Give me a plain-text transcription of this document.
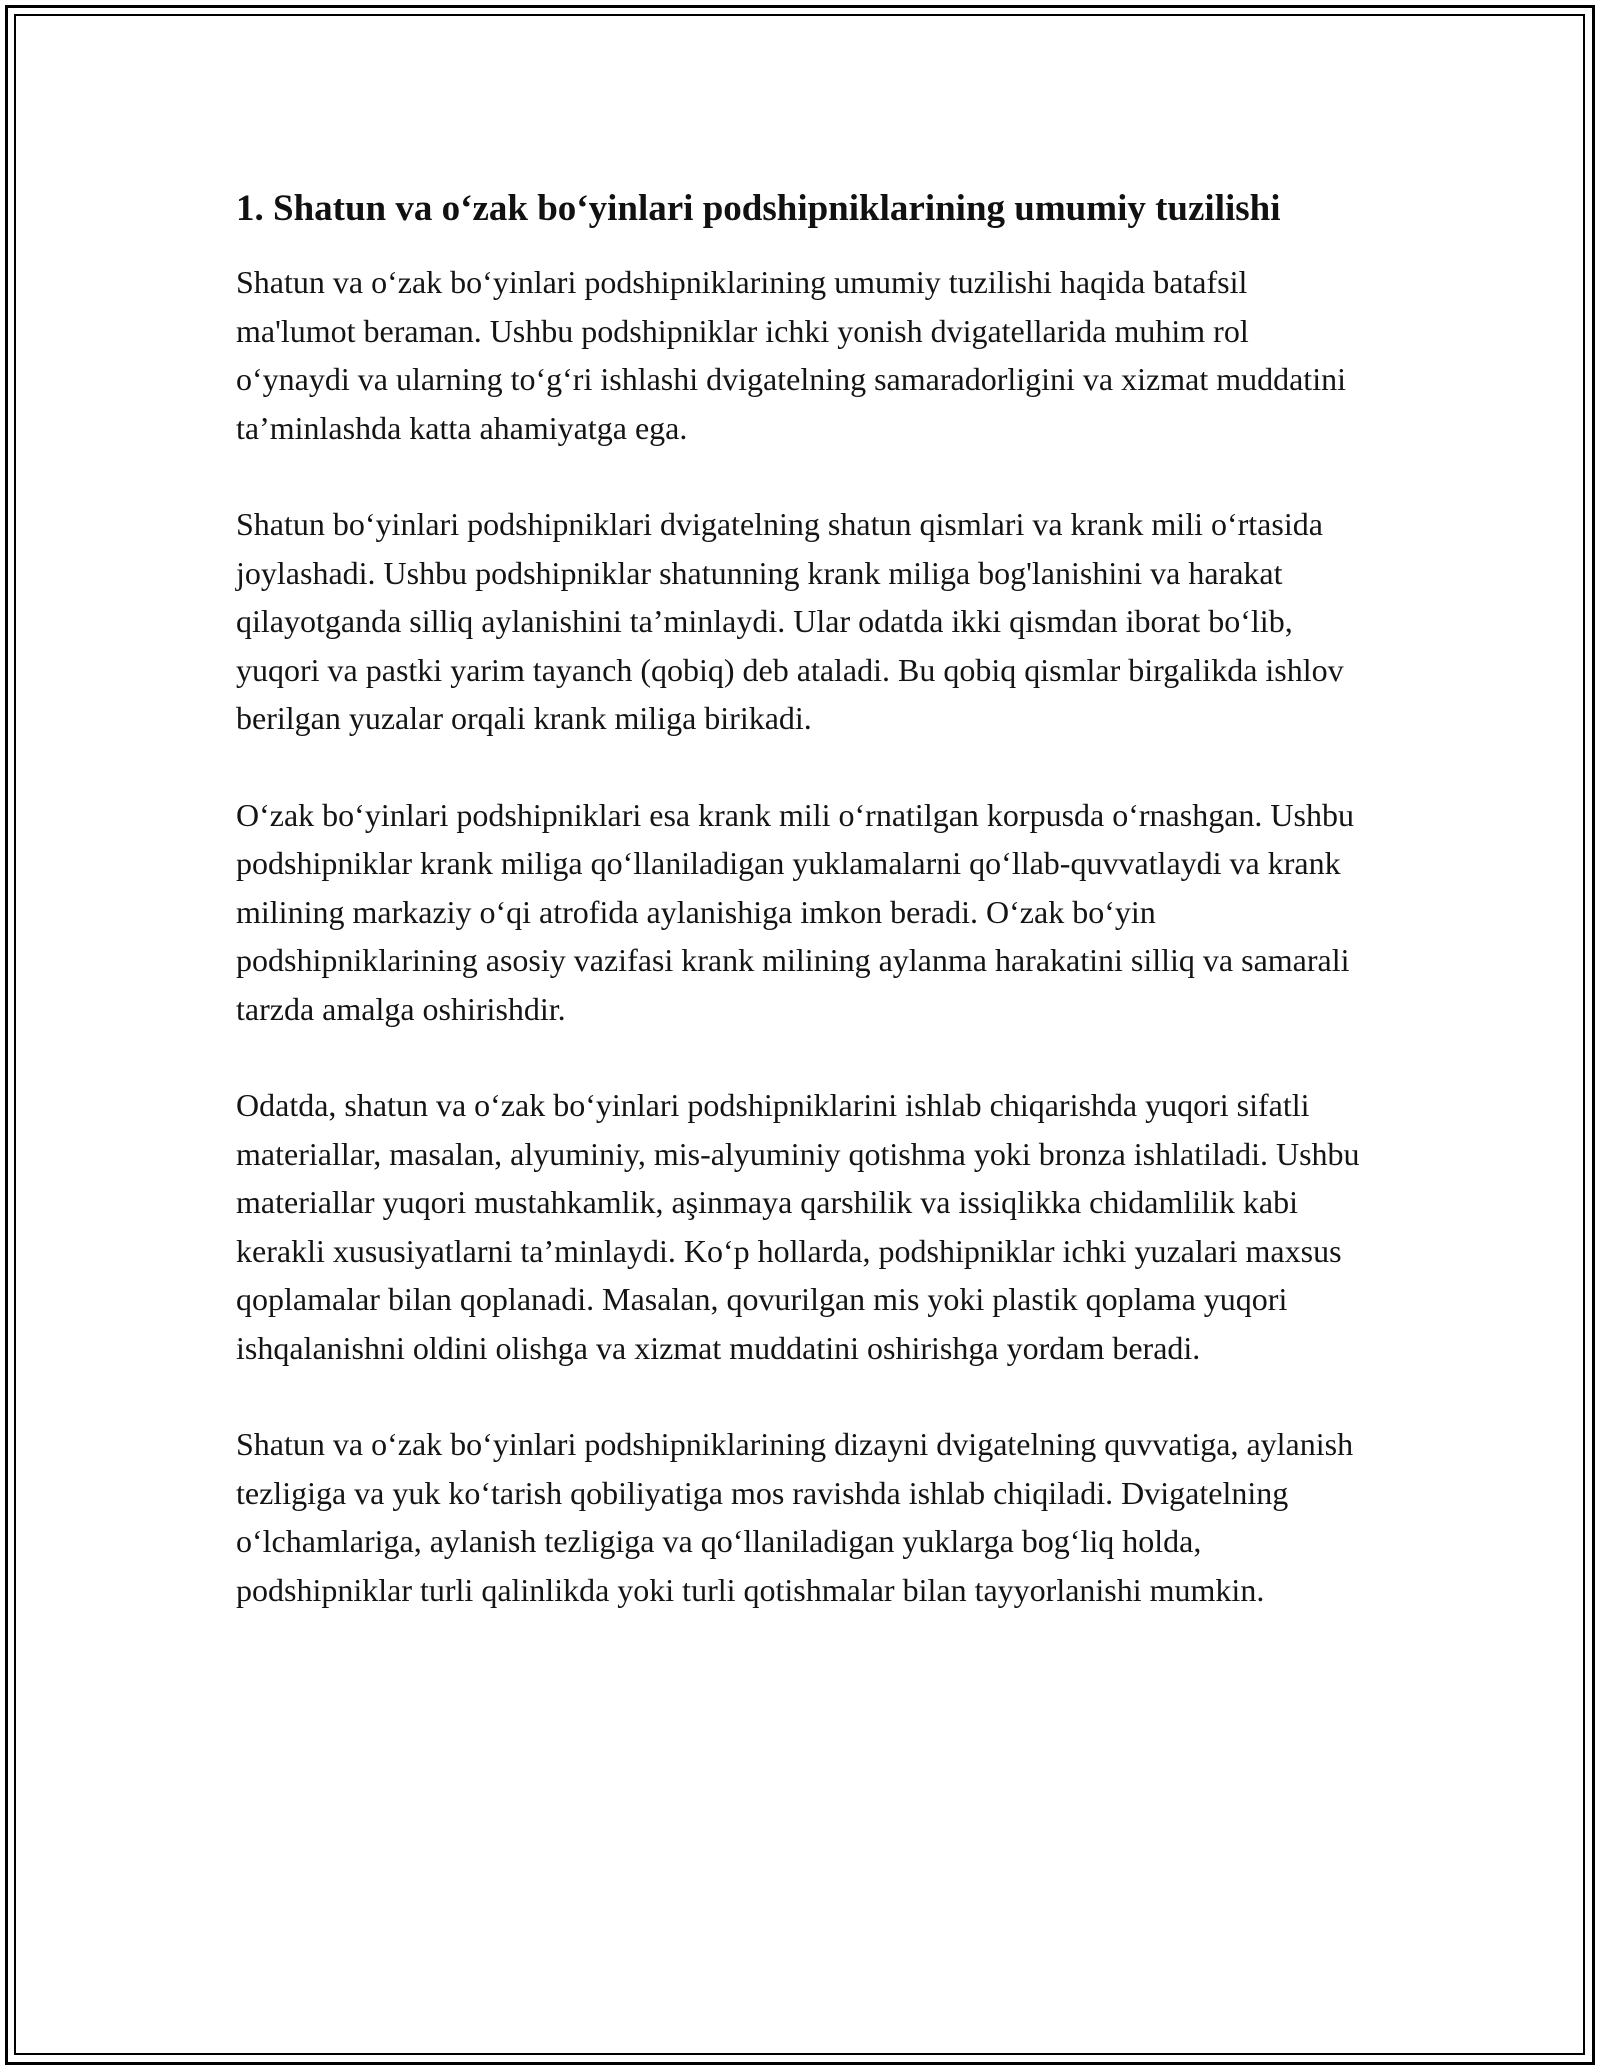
1. Shatun va o‘zak bo‘yinlari podshipniklarining umumiy tuzilishi

Shatun va o‘zak bo‘yinlari podshipniklarining umumiy tuzilishi haqida batafsil ma'lumot beraman. Ushbu podshipniklar ichki yonish dvigatellarida muhim rol o‘ynaydi va ularning to‘g‘ri ishlashi dvigatelning samaradorligini va xizmat muddatini ta’minlashda katta ahamiyatga ega.

Shatun bo‘yinlari podshipniklari dvigatelning shatun qismlari va krank mili o‘rtasida joylashadi. Ushbu podshipniklar shatunning krank miliga bog'lanishini va harakat qilayotganda silliq aylanishini ta’minlaydi. Ular odatda ikki qismdan iborat bo‘lib, yuqori va pastki yarim tayanch (qobiq) deb ataladi. Bu qobiq qismlar birgalikda ishlov berilgan yuzalar orqali krank miliga birikadi.

O‘zak bo‘yinlari podshipniklari esa krank mili o‘rnatilgan korpusda o‘rnashgan. Ushbu podshipniklar krank miliga qo‘llaniladigan yuklamalarni qo‘llab-quvvatlaydi va krank milining markaziy o‘qi atrofida aylanishiga imkon beradi. O‘zak bo‘yin podshipniklarining asosiy vazifasi krank milining aylanma harakatini silliq va samarali tarzda amalga oshirishdir.

Odatda, shatun va o‘zak bo‘yinlari podshipniklarini ishlab chiqarishda yuqori sifatli materiallar, masalan, alyuminiy, mis-alyuminiy qotishma yoki bronza ishlatiladi. Ushbu materiallar yuqori mustahkamlik, aşinmaya qarshilik va issiqlikka chidamlilik kabi kerakli xususiyatlarni ta’minlaydi. Ko‘p hollarda, podshipniklar ichki yuzalari maxsus qoplamalar bilan qoplanadi. Masalan, qovurilgan mis yoki plastik qoplama yuqori ishqalanishni oldini olishga va xizmat muddatini oshirishga yordam beradi.

Shatun va o‘zak bo‘yinlari podshipniklarining dizayni dvigatelning quvvatiga, aylanish tezligiga va yuk ko‘tarish qobiliyatiga mos ravishda ishlab chiqiladi. Dvigatelning o‘lchamlariga, aylanish tezligiga va qo‘llaniladigan yuklarga bog‘liq holda, podshipniklar turli qalinlikda yoki turli qotishmalar bilan tayyorlanishi mumkin.
